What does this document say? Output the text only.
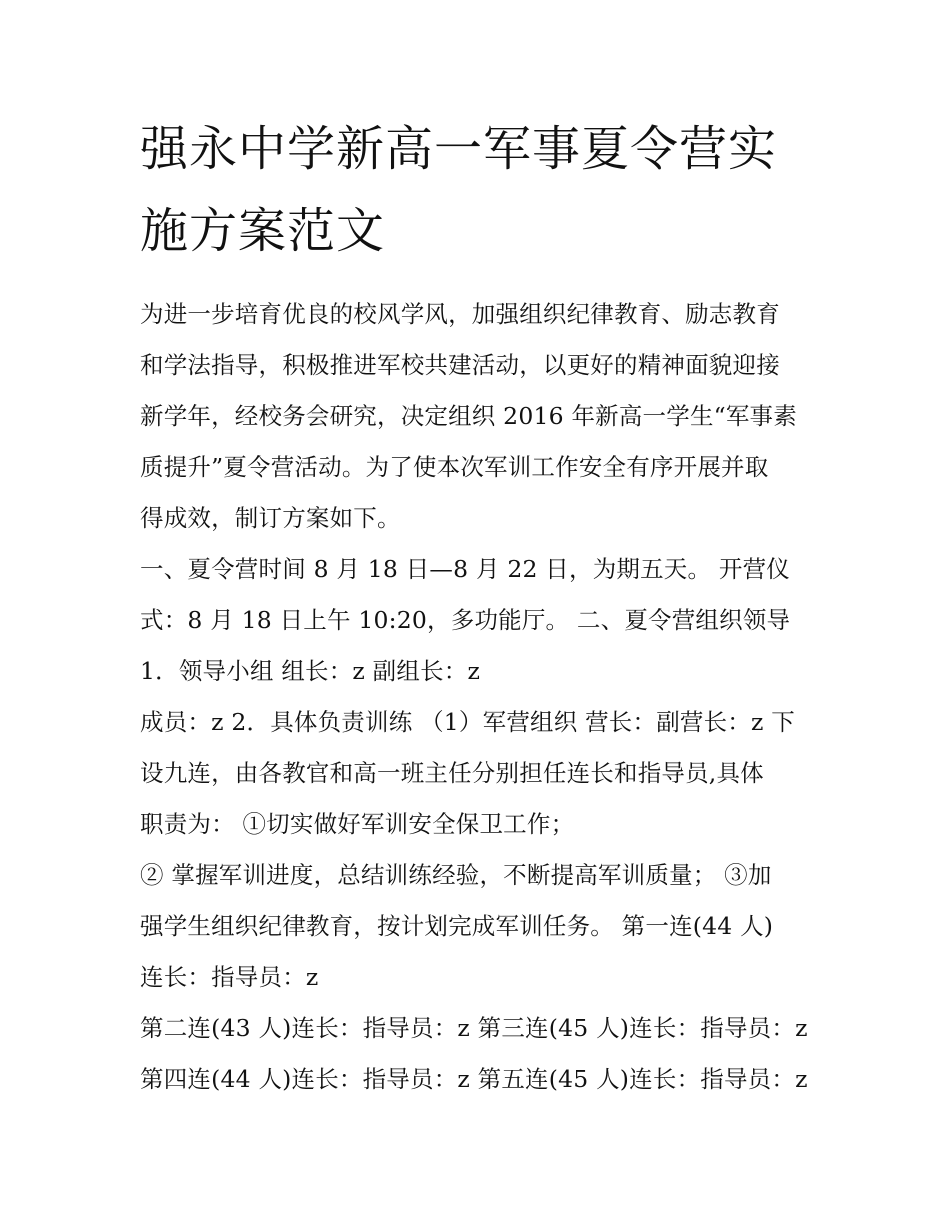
强永中学新高一军事夏令营实
施方案范文
为进一步培育优良的校风学风，加强组织纪律教育、励志教育
和学法指导，积极推进军校共建活动，以更好的精神面貌迎接
新学年，经校务会研究，决定组织 2016 年新高一学生“军事素
质提升”夏令营活动。为了使本次军训工作安全有序开展并取
得成效，制订方案如下。
一、夏令营时间 8 月 18 日—8 月 22 日，为期五天。 开营仪
式：8 月 18 日上午 10:20，多功能厅。 二、夏令营组织领导
1．领导小组 组长：z 副组长：z
成员：z 2．具体负责训练 （1）军营组织 营长：副营长：z 下
设九连，由各教官和高一班主任分别担任连长和指导员,具体
职责为： ①切实做好军训安全保卫工作；
② 掌握军训进度，总结训练经验，不断提高军训质量； ③加
强学生组织纪律教育，按计划完成军训任务。 第一连(44 人)
连长：指导员：z
第二连(43 人)连长：指导员：z 第三连(45 人)连长：指导员：z
第四连(44 人)连长：指导员：z 第五连(45 人)连长：指导员：z
